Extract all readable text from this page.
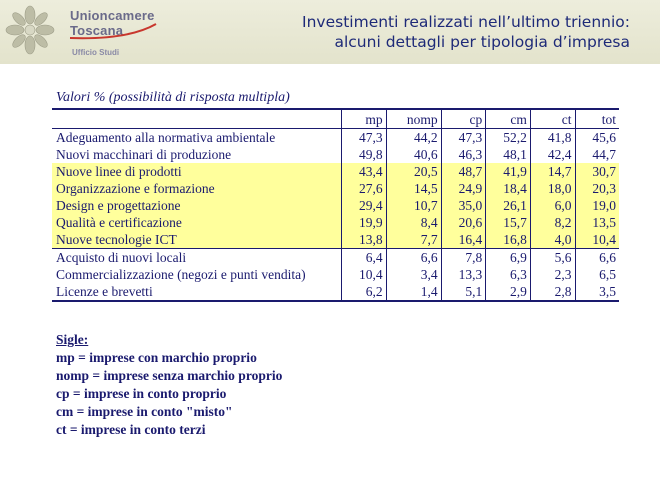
Unioncamere
Toscana
Ufficio Studi
Investimenti realizzati nell’ultimo triennio:
alcuni dettagli per tipologia d’impresa
Valori % (possibilità di risposta multipla)
	mp	nomp	cp	cm	ct	tot
Adeguamento alla normativa ambientale	47,3	44,2	47,3	52,2	41,8	45,6
Nuovi macchinari di produzione	49,8	40,6	46,3	48,1	42,4	44,7
Nuove linee di prodotti	43,4	20,5	48,7	41,9	14,7	30,7
Organizzazione e formazione	27,6	14,5	24,9	18,4	18,0	20,3
Design e progettazione	29,4	10,7	35,0	26,1	6,0	19,0
Qualità e certificazione	19,9	8,4	20,6	15,7	8,2	13,5
Nuove tecnologie ICT	13,8	7,7	16,4	16,8	4,0	10,4
Acquisto di nuovi locali	6,4	6,6	7,8	6,9	5,6	6,6
Commercializzazione (negozi e punti vendita)	10,4	3,4	13,3	6,3	2,3	6,5
Licenze e brevetti	6,2	1,4	5,1	2,9	2,8	3,5
Sigle:
mp = imprese con marchio proprio
nomp = imprese senza marchio proprio
cp = imprese in conto proprio
cm = imprese in conto "misto"
ct = imprese in conto terzi
